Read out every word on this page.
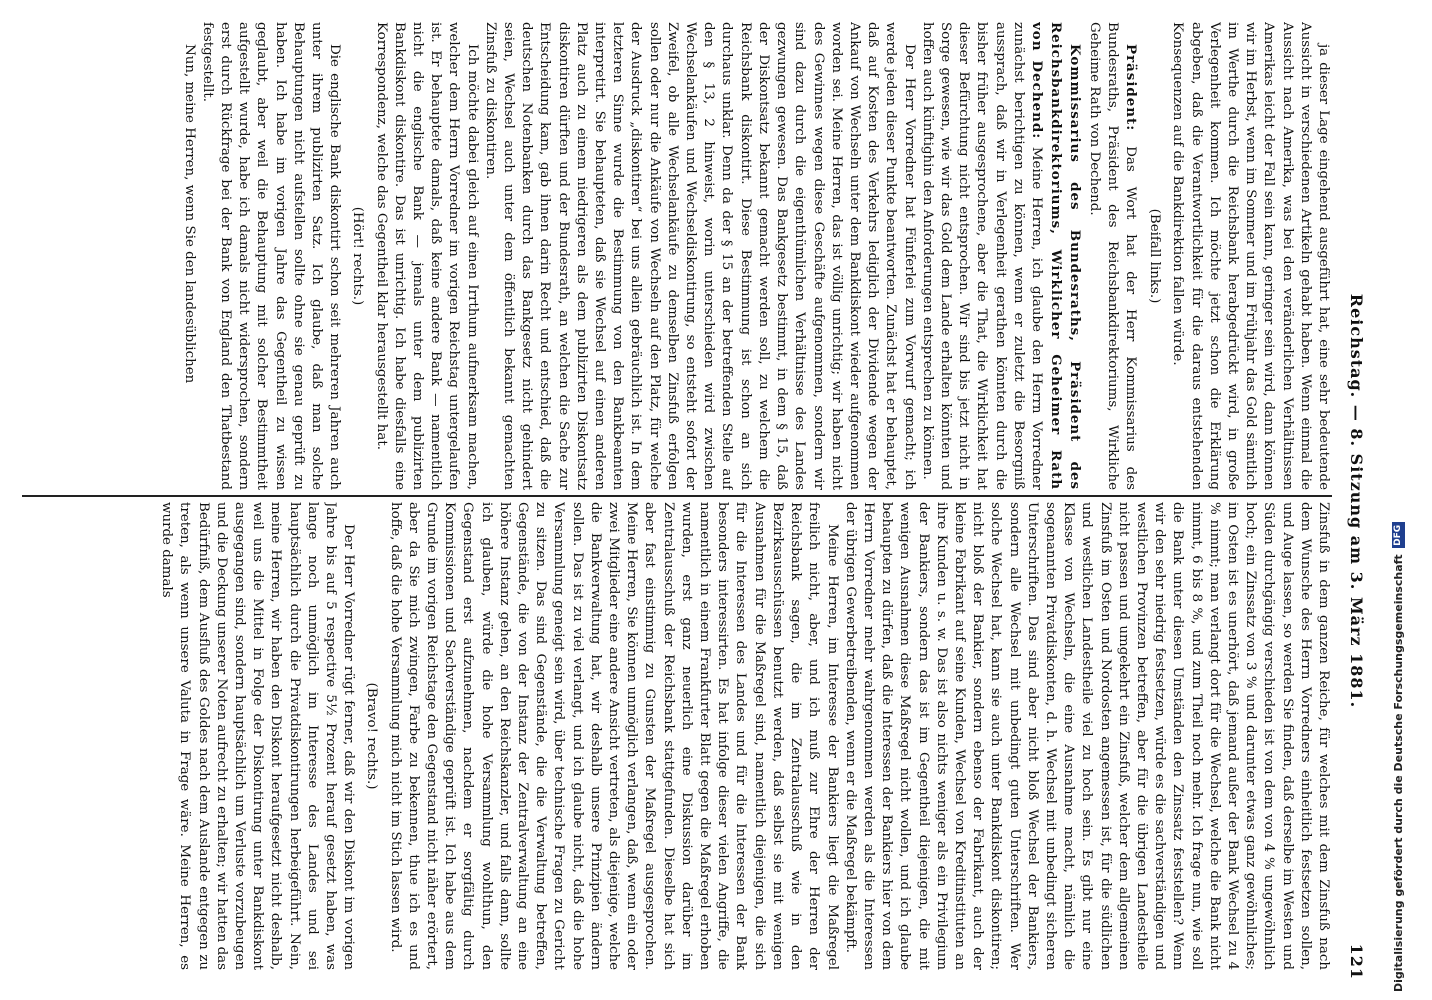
Reichstag. — 8. Sitzung am 3. März 1881.
121

ja dieser Lage eingehend ausgeführt hat, eine sehr bedeutende Aussicht in verschiedenen Artikeln gehabt haben. Wenn einmal die Aussicht nach Amerika, was bei den veränderlichen Verhältnissen Amerikas leicht der Fall sein kann, geringer sein wird, dann können wir im Herbst, wenn im Sommer und im Frühjahr das Gold sämtlich im Werthe durch die Reichsbank herabgedrückt wird, in große Verlegenheit kommen. Ich möchte jetzt schon die Erklärung abgeben, daß die Verantwortlichkeit für die daraus entstehenden Konsequenzen auf die Bankdirektion fallen würde.

(Beifall links.)

Präsident: Das Wort hat der Herr Kommissarius des Bundesraths, Präsident des Reichsbankdirektoriums, Wirkliche Geheime Rath von Dechend.

Kommissarius des Bundesraths, Präsident des Reichsbankdirektoriums, Wirklicher Geheimer Rath von Dechend: Meine Herren, ich glaube den Herrn Vorredner zunächst berichtigen zu können, wenn er zuletzt die Besorgniß aussprach, daß wir in Verlegenheit gerathen könnten durch die bisher früher ausgesprochene, aber die That, die Wirklichkeit hat dieser Befürchtung nicht entsprochen. Wir sind bis jetzt nicht in Sorge gewesen, wie wir das Gold dem Lande erhalten könnten und hoffen auch künftighin den Anforderungen entsprechen zu können.

Der Herr Vorredner hat Fünferlei zum Vorwurf gemacht; ich werde jeden dieser Punkte beantworten. Zunächst hat er behauptet, daß auf Kosten des Verkehrs lediglich der Dividende wegen der Ankauf von Wechseln unter dem Bankdiskont wieder aufgenommen worden sei. Meine Herren, das ist völlig unrichtig; wir haben nicht des Gewinnes wegen diese Geschäfte aufgenommen, sondern wir sind dazu durch die eigenthümlichen Verhältnisse des Landes gezwungen gewesen. Das Bankgesetz bestimmt, in dem § 15, daß der Diskontsatz bekannt gemacht werden soll, zu welchem die Reichsbank diskontirt. Diese Bestimmung ist schon an sich durchaus unklar. Denn da der § 15 an der betreffenden Stelle auf den § 13, 2 hinweist, worin unterschieden wird zwischen Wechselankäufen und Wechseldiskontirung, so entsteht sofort der Zweifel, ob alle Wechselankäufe zu demselben Zinsfuß erfolgen sollen oder nur die Ankäufe von Wechseln auf den Platz, für welche der Ausdruck „diskontiren“ bei uns allein gebräuchlich ist. In dem letzteren Sinne wurde die Bestimmung von den Bankbeamten interpretirt. Sie behaupteten, daß sie Wechsel auf einen anderen Platz auch zu einem niedrigeren als dem publizirten Diskontsatz diskontiren dürften und der Bundesrath, an welchen die Sache zur Entscheidung kam, gab ihnen darin Recht und entschied, daß die deutschen Notenbanken durch das Bankgesetz nicht gehindert seien, Wechsel auch unter dem öffentlich bekannt gemachten Zinsfuß zu diskontiren.

Ich möchte dabei gleich auf einen Irrthum aufmerksam machen, welcher dem Herrn Vorredner im vorigen Reichstag untergelaufen ist. Er behauptete damals, daß keine andere Bank — namentlich nicht die englische Bank — jemals unter dem publizirten Bankdiskont diskontire. Das ist unrichtig. Ich habe diesfalls eine Korrespondenz, welche das Gegentheil klar herausgestellt hat.

(Hört! rechts.)

Die englische Bank diskontirt schon seit mehreren Jahren auch unter ihrem publizirten Satz. Ich glaube, daß man solche Behauptungen nicht aufstellen sollte ohne sie genau geprüft zu haben. Ich habe im vorigen Jahre das Gegentheil zu wissen geglaubt, aber weil die Behauptung mit solcher Bestimmtheit aufgestellt wurde, habe ich damals nicht widersprochen, sondern erst durch Rückfrage bei der Bank von England den Thatbestand festgestellt.

Nun, meine Herren, wenn Sie den landesüblichen

Zinsfuß in dem ganzen Reiche, für welches mit dem Zinsfuß nach dem Wunsche des Herrn Vorredners einheitlich festsetzen sollen, und Auge lassen, so werden Sie finden, daß derselbe im Westen und Süden durchgängig verschieden ist von dem von 4 % ungewöhnlich hoch; ein Zinssatz von 3 % und darunter etwas ganz gewöhnliches; im Osten ist es unerhört, daß jemand außer der Bank Wechsel zu 4 % nimmt; man verlangt dort für die Wechsel, welche die Bank nicht nimmt, 6 bis 8 %, und zum Theil noch mehr. Ich frage nun, wie soll die Bank unter diesen Umständen den Zinssatz feststellen? Wenn wir den sehr niedrig festsetzen, würde es die sachverständigen und westlichen Provinzen betreffen, aber für die übrigen Landestheile nicht passen und umgekehrt ein Zinsfuß, welcher dem allgemeinen Zinsfuß im Osten und Nordosten angemessen ist, für die südlichen und westlichen Landestheile viel zu hoch sein. Es gibt nur eine Klasse von Wechseln, die eine Ausnahme macht, nämlich die sogenannten Privatdiskonten, d. h. Wechsel mit unbedingt sicheren Unterschriften. Das sind aber nicht bloß Wechsel der Bankiers, sondern alle Wechsel mit unbedingt guten Unterschriften. Wer solche Wechsel hat, kann sie auch unter Bankdiskont diskontiren; nicht bloß der Bankier, sondern ebenso der Fabrikant, auch der kleine Fabrikant auf seine Kunden, Wechsel von Kreditinstituten an ihre Kunden u. s. w. Das ist also nichts weniger als ein Privilegium der Bankiers, sondern das ist im Gegentheil diejenigen, die mit wenigen Ausnahmen diese Maßregel nicht wollen, und ich glaube behaupten zu dürfen, daß die Interessen der Bankiers hier von dem Herrn Vorredner mehr wahrgenommen werden als die Interessen der übrigen Gewerbetreibenden, wenn er die Maßregel bekämpft.

Meine Herren, im Interesse der Bankiers liegt die Maßregel freilich nicht, aber, und ich muß zur Ehre der Herren der Reichsbank sagen, die im Zentralausschuß wie in den Bezirksausschüssen benutzt werden, daß selbst sie mit wenigen Ausnahmen für die Maßregel sind, namentlich diejenigen, die sich für die Interessen des Landes und für die Interessen der Bank besonders interessirten. Es hat infolge dieser vielen Angriffe, die namentlich in einem Frankfurter Blatt gegen die Maßregel erhoben wurden, erst ganz neuerlich eine Diskussion darüber im Zentralausschuß der Reichsbank stattgefunden. Dieselbe hat sich aber fast einstimmig zu Gunsten der Maßregel ausgesprochen. Meine Herren, Sie können unmöglich verlangen, daß, wenn ein oder zwei Mitglieder eine andere Ansicht vertreten, als diejenige, welche die Bankverwaltung hat, wir deshalb unsere Prinzipien ändern sollen. Das ist zu viel verlangt, und ich glaube nicht, daß die hohe Versammlung geneigt sein wird, über technische Fragen zu Gericht zu sitzen. Das sind Gegenstände, die die Verwaltung betreffen, Gegenstände, die von der Instanz der Zentralverwaltung an eine höhere Instanz gehen, an den Reichskanzler, und falls dann, sollte ich glauben, würde die hohe Versammlung wohlthun, den Gegenstand erst aufzunehmen, nachdem er sorgfältig durch Kommissionen und Sachverständige geprüft ist. Ich habe aus dem Grunde im vorigen Reichstage den Gegenstand nicht näher erörtert, aber da Sie mich zwingen, Farbe zu bekennen, thue ich es und hoffe, daß die hohe Versammlung mich nicht im Stich lassen wird.

(Bravo! rechts.)

Der Herr Vorredner rügt ferner, daß wir den Diskont im vorigen Jahre bis auf 5 respective 5½ Prozent herauf gesetzt haben, was lange noch unmöglich im Interesse des Landes und sei hauptsächlich durch die Privatdiskontirungen herbeigeführt. Nein, meine Herren, wir haben den Diskont heraufgesetzt nicht deshalb, weil uns die Mittel in Folge der Diskontirung unter Bankdiskont ausgegangen sind, sondern hauptsächlich um Verluste vorzubeugen und die Deckung unserer Noten aufrecht zu erhalten; wir hatten das Bedürfniß, dem Ausfluß des Goldes nach dem Auslande entgegen zu treten, als wenn unsere Valuta in Frage wäre. Meine Herren, es wurde damals

Digitalisierung gefördert durch die Deutsche Forschungsgemeinschaft
DFG
